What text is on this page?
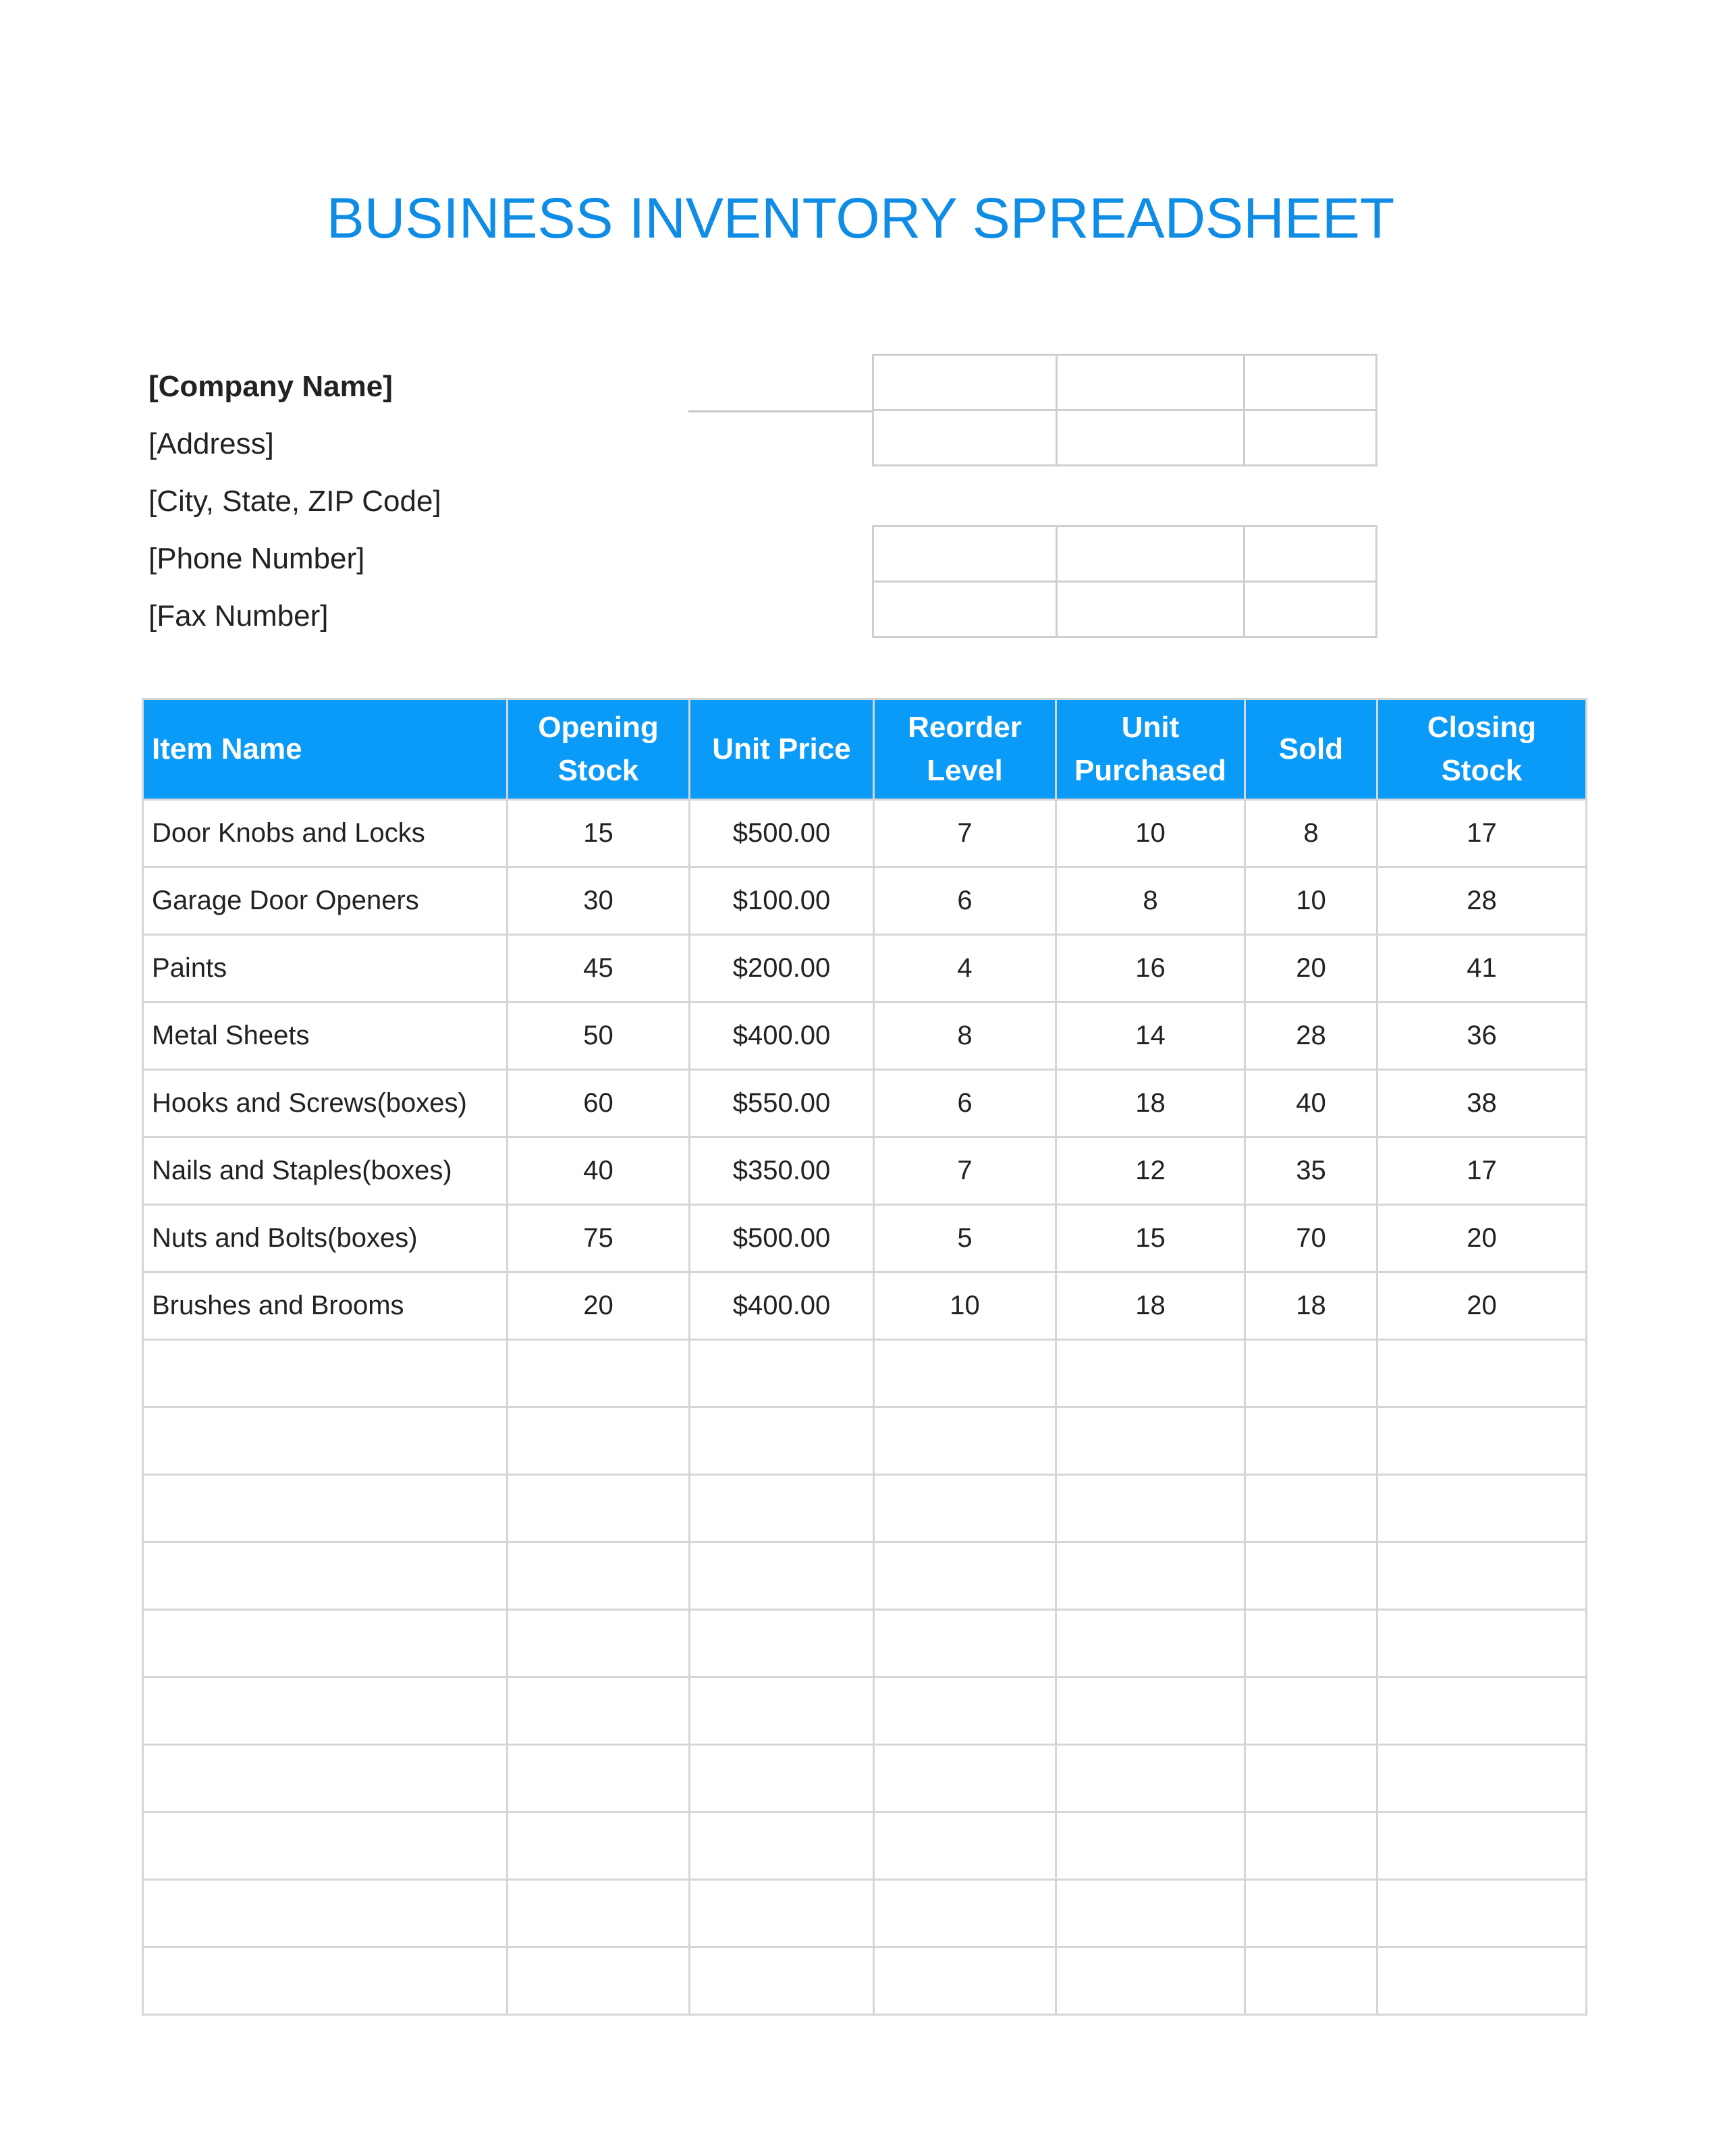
BUSINESS INVENTORY SPREADSHEET
[Company Name]
[Address]
[City, State, ZIP Code]
[Phone Number]
[Fax Number]

Item Name	Opening Stock	Unit Price	Reorder Level	Unit Purchased	Sold	Closing Stock
Door Knobs and Locks	15	$500.00	7	10	8	17
Garage Door Openers	30	$100.00	6	8	10	28
Paints	45	$200.00	4	16	20	41
Metal Sheets	50	$400.00	8	14	28	36
Hooks and Screws(boxes)	60	$550.00	6	18	40	38
Nails and Staples(boxes)	40	$350.00	7	12	35	17
Nuts and Bolts(boxes)	75	$500.00	5	15	70	20
Brushes and Brooms	20	$400.00	10	18	18	20
